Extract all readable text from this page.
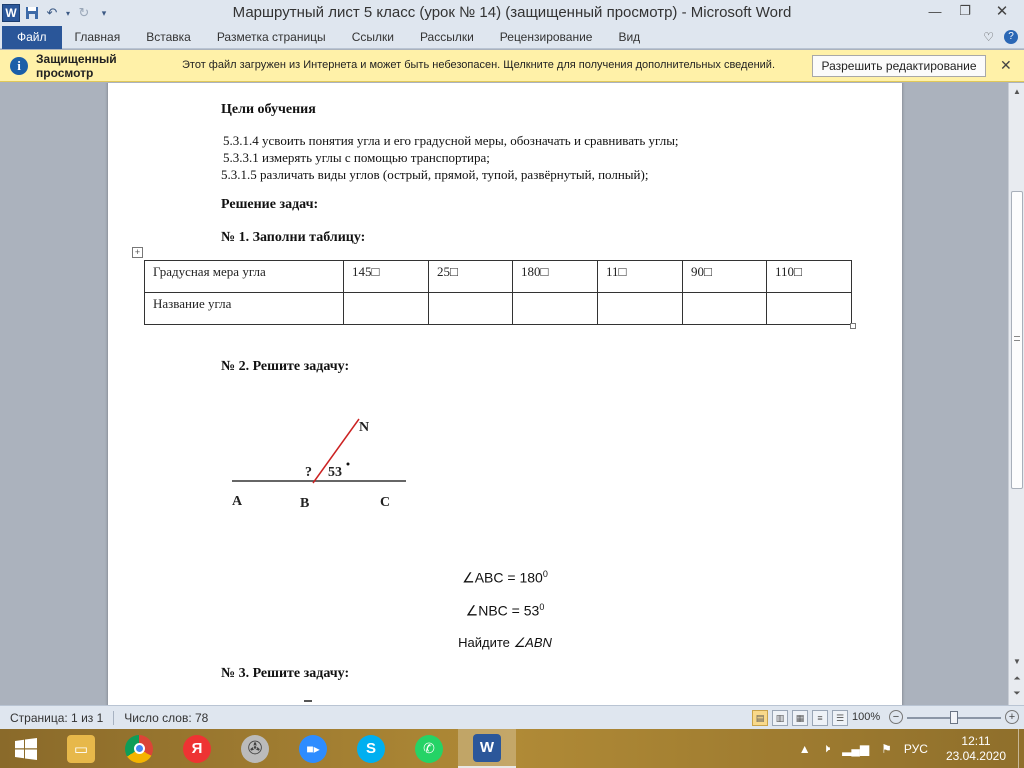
W ↶	▾ ↻	▾	Маршрутный лист 5 класс (урок № 14) (защищенный просмотр) - Microsoft Word	—	❐	✕
Файл	Главная	Вставка	Разметка страницы	Ссылки	Рассылки	Рецензирование	Вид	♡	?
i	Защищенный просмотр
Этот файл загружен из Интернета и может быть небезопасен. Щелкните для получения дополнительных сведений.	Разрешить редактирование	✕
Цели обучения
5.3.1.4 усвоить понятия угла и его градусной меры, обозначать и сравнивать углы;
5.3.3.1 измерять углы с помощью транспортира;
5.3.1.5 различать виды углов (острый, прямой, тупой, развёрнутый, полный);
Решение задач:
№ 1. Заполни таблицу:
+
Градусная мера угла	145□	25□	180□	11□	90□	110□
Название угла						
№ 2. Решите задачу:
N
? 53
A	B	C
∠ABC = $180^0$
∠NBC = $53^0$
Найдите ∠ABN
№ 3. Решите задачу:
▲
▼
⏶
⏷
Страница: 1 из 1	Число слов: 78	▤	▥	▦	≡	☰ 100%	−	+
▭	Я	✇	■▸	S	✆	W	▲	🕨	▂▄▆	⚑	РУС
12:11
23.04.2020
